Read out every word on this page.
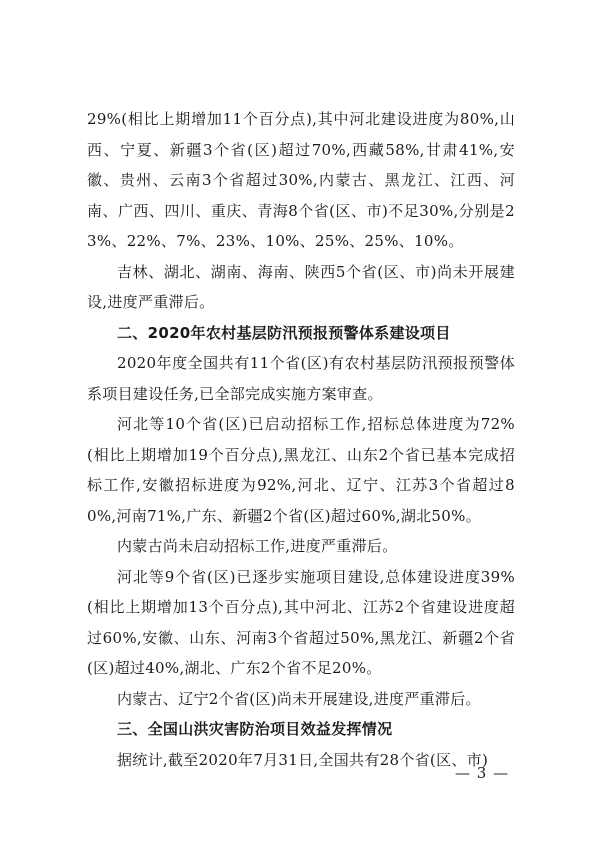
29%(相比上期增加11个百分点),其中河北建设进度为80%,山西、宁夏、新疆3个省(区)超过70%,西藏58%,甘肃41%,安徽、贵州、云南3个省超过30%,内蒙古、黑龙江、江西、河南、广西、四川、重庆、青海8个省(区、市)不足30%,分别是23%、22%、7%、23%、10%、25%、25%、10%。

吉林、湖北、湖南、海南、陕西5个省(区、市)尚未开展建设,进度严重滞后。

二、2020年农村基层防汛预报预警体系建设项目

2020年度全国共有11个省(区)有农村基层防汛预报预警体系项目建设任务,已全部完成实施方案审查。

河北等10个省(区)已启动招标工作,招标总体进度为72%(相比上期增加19个百分点),黑龙江、山东2个省已基本完成招标工作,安徽招标进度为92%,河北、辽宁、江苏3个省超过80%,河南71%,广东、新疆2个省(区)超过60%,湖北50%。

内蒙古尚未启动招标工作,进度严重滞后。

河北等9个省(区)已逐步实施项目建设,总体建设进度39%(相比上期增加13个百分点),其中河北、江苏2个省建设进度超过60%,安徽、山东、河南3个省超过50%,黑龙江、新疆2个省(区)超过40%,湖北、广东2个省不足20%。

内蒙古、辽宁2个省(区)尚未开展建设,进度严重滞后。

三、全国山洪灾害防治项目效益发挥情况

据统计,截至2020年7月31日,全国共有28个省(区、市)

— 3 —
